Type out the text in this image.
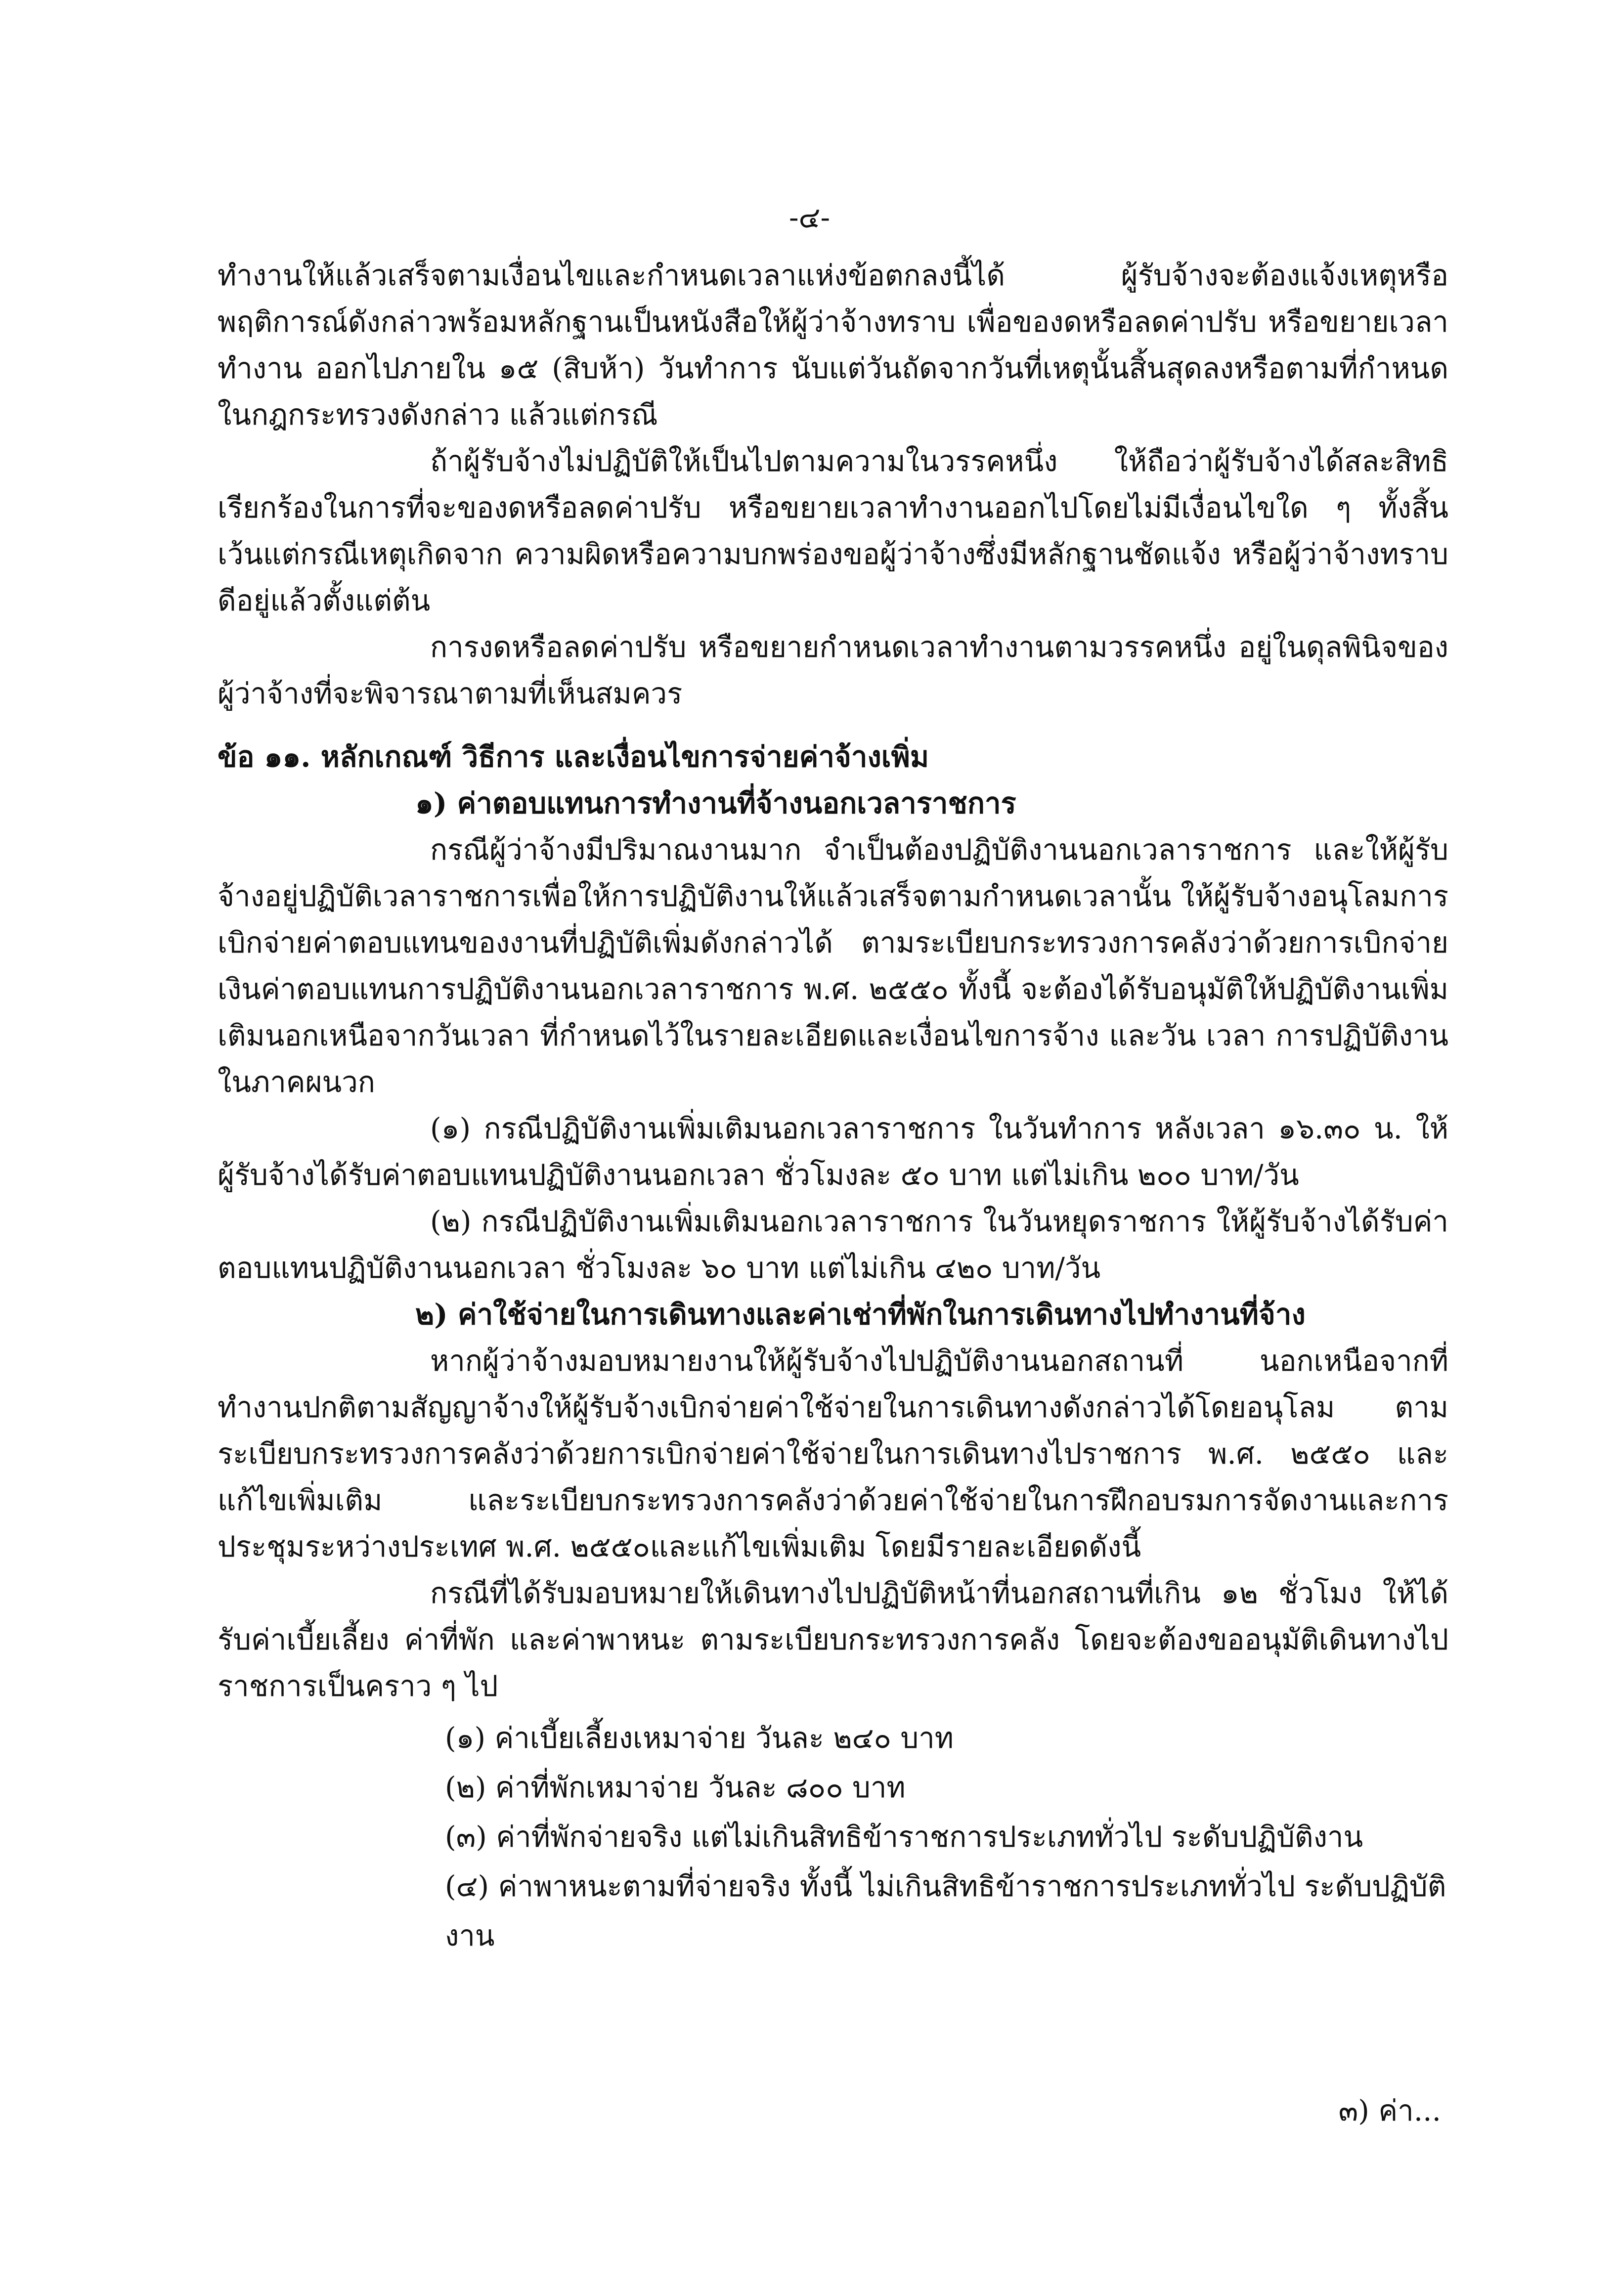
-๔-

ทำงานให้แล้วเสร็จตามเงื่อนไขและกำหนดเวลาแห่งข้อตกลงนี้ได้ ผู้รับจ้างจะต้องแจ้งเหตุหรือ พฤติการณ์ดังกล่าวพร้อมหลักฐานเป็นหนังสือให้ผู้ว่าจ้างทราบ เพื่อของดหรือลดค่าปรับ หรือขยายเวลาทำงาน ออกไปภายใน ๑๕ (สิบห้า) วันทำการ นับแต่วันถัดจากวันที่เหตุนั้นสิ้นสุดลงหรือตามที่กำหนดในกฎกระทรวงดังกล่าว แล้วแต่กรณี

ถ้าผู้รับจ้างไม่ปฏิบัติให้เป็นไปตามความในวรรคหนึ่ง ให้ถือว่าผู้รับจ้างได้สละสิทธิเรียกร้องในการที่จะของดหรือลดค่าปรับ หรือขยายเวลาทำงานออกไปโดยไม่มีเงื่อนไขใด ๆ ทั้งสิ้น เว้นแต่กรณีเหตุเกิดจาก ความผิดหรือความบกพร่องขอผู้ว่าจ้างซึ่งมีหลักฐานชัดแจ้ง หรือผู้ว่าจ้างทราบดีอยู่แล้วตั้งแต่ต้น

การงดหรือลดค่าปรับ หรือขยายกำหนดเวลาทำงานตามวรรคหนึ่ง อยู่ในดุลพินิจของผู้ว่าจ้างที่จะพิจารณาตามที่เห็นสมควร

ข้อ ๑๑. หลักเกณฑ์ วิธีการ และเงื่อนไขการจ่ายค่าจ้างเพิ่ม

๑) ค่าตอบแทนการทำงานที่จ้างนอกเวลาราชการ

กรณีผู้ว่าจ้างมีปริมาณงานมาก จำเป็นต้องปฏิบัติงานนอกเวลาราชการ และให้ผู้รับจ้างอยู่ปฏิบัติเวลาราชการเพื่อให้การปฏิบัติงานให้แล้วเสร็จตามกำหนดเวลานั้น ให้ผู้รับจ้างอนุโลมการเบิกจ่ายค่าตอบแทนของงานที่ปฏิบัติเพิ่มดังกล่าวได้ ตามระเบียบกระทรวงการคลังว่าด้วยการเบิกจ่ายเงินค่าตอบแทนการปฏิบัติงานนอกเวลาราชการ พ.ศ. ๒๕๕๐ ทั้งนี้ จะต้องได้รับอนุมัติให้ปฏิบัติงานเพิ่มเติมนอกเหนือจากวันเวลา ที่กำหนดไว้ในรายละเอียดและเงื่อนไขการจ้าง และวัน เวลา การปฏิบัติงาน ในภาคผนวก

(๑) กรณีปฏิบัติงานเพิ่มเติมนอกเวลาราชการ ในวันทำการ หลังเวลา ๑๖.๓๐ น. ให้ผู้รับจ้างได้รับค่าตอบแทนปฏิบัติงานนอกเวลา ชั่วโมงละ ๕๐ บาท แต่ไม่เกิน ๒๐๐ บาท/วัน

(๒) กรณีปฏิบัติงานเพิ่มเติมนอกเวลาราชการ ในวันหยุดราชการ ให้ผู้รับจ้างได้รับค่าตอบแทนปฏิบัติงานนอกเวลา ชั่วโมงละ ๖๐ บาท แต่ไม่เกิน ๔๒๐ บาท/วัน

๒) ค่าใช้จ่ายในการเดินทางและค่าเช่าที่พักในการเดินทางไปทำงานที่จ้าง

หากผู้ว่าจ้างมอบหมายงานให้ผู้รับจ้างไปปฏิบัติงานนอกสถานที่ นอกเหนือจากที่ทำงานปกติตามสัญญาจ้างให้ผู้รับจ้างเบิกจ่ายค่าใช้จ่ายในการเดินทางดังกล่าวได้โดยอนุโลม ตามระเบียบกระทรวงการคลังว่าด้วยการเบิกจ่ายค่าใช้จ่ายในการเดินทางไปราชการ พ.ศ. ๒๕๕๐ และแก้ไขเพิ่มเติม และระเบียบกระทรวงการคลังว่าด้วยค่าใช้จ่ายในการฝึกอบรมการจัดงานและการประชุมระหว่างประเทศ พ.ศ. ๒๕๕๐และแก้ไขเพิ่มเติม โดยมีรายละเอียดดังนี้

กรณีที่ได้รับมอบหมายให้เดินทางไปปฏิบัติหน้าที่นอกสถานที่เกิน ๑๒ ชั่วโมง ให้ได้รับค่าเบี้ยเลี้ยง ค่าที่พัก และค่าพาหนะ ตามระเบียบกระทรวงการคลัง โดยจะต้องขออนุมัติเดินทางไปราชการเป็นคราว ๆ ไป

(๑) ค่าเบี้ยเลี้ยงเหมาจ่าย วันละ ๒๔๐ บาท

(๒) ค่าที่พักเหมาจ่าย วันละ ๘๐๐ บาท

(๓) ค่าที่พักจ่ายจริง แต่ไม่เกินสิทธิข้าราชการประเภททั่วไป ระดับปฏิบัติงาน

(๔) ค่าพาหนะตามที่จ่ายจริง ทั้งนี้ ไม่เกินสิทธิข้าราชการประเภททั่วไป ระดับปฏิบัติงาน

๓) ค่า...
